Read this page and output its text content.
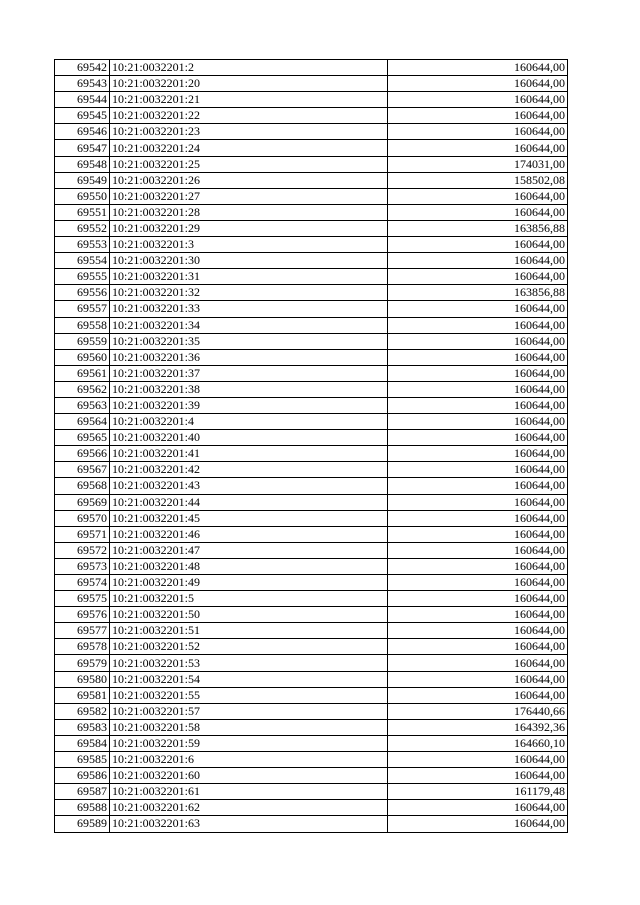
69542	10:21:0032201:2	160644,00
69543	10:21:0032201:20	160644,00
69544	10:21:0032201:21	160644,00
69545	10:21:0032201:22	160644,00
69546	10:21:0032201:23	160644,00
69547	10:21:0032201:24	160644,00
69548	10:21:0032201:25	174031,00
69549	10:21:0032201:26	158502,08
69550	10:21:0032201:27	160644,00
69551	10:21:0032201:28	160644,00
69552	10:21:0032201:29	163856,88
69553	10:21:0032201:3	160644,00
69554	10:21:0032201:30	160644,00
69555	10:21:0032201:31	160644,00
69556	10:21:0032201:32	163856,88
69557	10:21:0032201:33	160644,00
69558	10:21:0032201:34	160644,00
69559	10:21:0032201:35	160644,00
69560	10:21:0032201:36	160644,00
69561	10:21:0032201:37	160644,00
69562	10:21:0032201:38	160644,00
69563	10:21:0032201:39	160644,00
69564	10:21:0032201:4	160644,00
69565	10:21:0032201:40	160644,00
69566	10:21:0032201:41	160644,00
69567	10:21:0032201:42	160644,00
69568	10:21:0032201:43	160644,00
69569	10:21:0032201:44	160644,00
69570	10:21:0032201:45	160644,00
69571	10:21:0032201:46	160644,00
69572	10:21:0032201:47	160644,00
69573	10:21:0032201:48	160644,00
69574	10:21:0032201:49	160644,00
69575	10:21:0032201:5	160644,00
69576	10:21:0032201:50	160644,00
69577	10:21:0032201:51	160644,00
69578	10:21:0032201:52	160644,00
69579	10:21:0032201:53	160644,00
69580	10:21:0032201:54	160644,00
69581	10:21:0032201:55	160644,00
69582	10:21:0032201:57	176440,66
69583	10:21:0032201:58	164392,36
69584	10:21:0032201:59	164660,10
69585	10:21:0032201:6	160644,00
69586	10:21:0032201:60	160644,00
69587	10:21:0032201:61	161179,48
69588	10:21:0032201:62	160644,00
69589	10:21:0032201:63	160644,00
